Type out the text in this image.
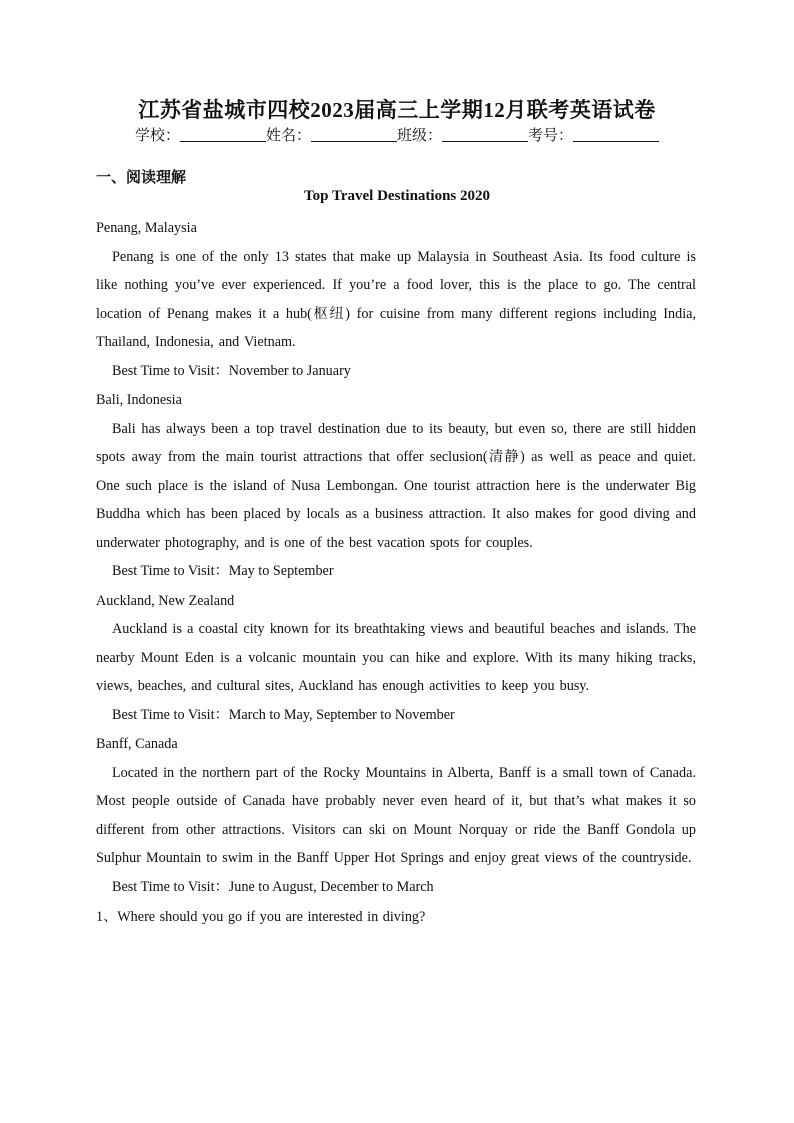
江苏省盐城市四校2023届高三上学期12月联考英语试卷
学校：	姓名：	班级：	考号：
一、阅读理解
Top Travel Destinations 2020

Penang, Malaysia

Penang is one of the only 13 states that make up Malaysia in Southeast Asia. Its food culture is like nothing you’ve ever experienced. If you’re a food lover, this is the place to go. The central location of Penang makes it a hub(枢纽) for cuisine from many different regions including India, Thailand, Indonesia, and Vietnam.

Best Time to Visit：November to January

Bali, Indonesia

Bali has always been a top travel destination due to its beauty, but even so, there are still hidden spots away from the main tourist attractions that offer seclusion(清静) as well as peace and quiet. One such place is the island of Nusa Lembongan. One tourist attraction here is the underwater Big Buddha which has been placed by locals as a business attraction. It also makes for good diving and underwater photography, and is one of the best vacation spots for couples.

Best Time to Visit：May to September

Auckland, New Zealand

Auckland is a coastal city known for its breathtaking views and beautiful beaches and islands. The nearby Mount Eden is a volcanic mountain you can hike and explore. With its many hiking tracks, views, beaches, and cultural sites, Auckland has enough activities to keep you busy.

Best Time to Visit：March to May, September to November

Banff, Canada

Located in the northern part of the Rocky Mountains in Alberta, Banff is a small town of Canada. Most people outside of Canada have probably never even heard of it, but that’s what makes it so different from other attractions. Visitors can ski on Mount Norquay or ride the Banff Gondola up Sulphur Mountain to swim in the Banff Upper Hot Springs and enjoy great views of the countryside.

Best Time to Visit：June to August, December to March

1、Where should you go if you are interested in diving?
